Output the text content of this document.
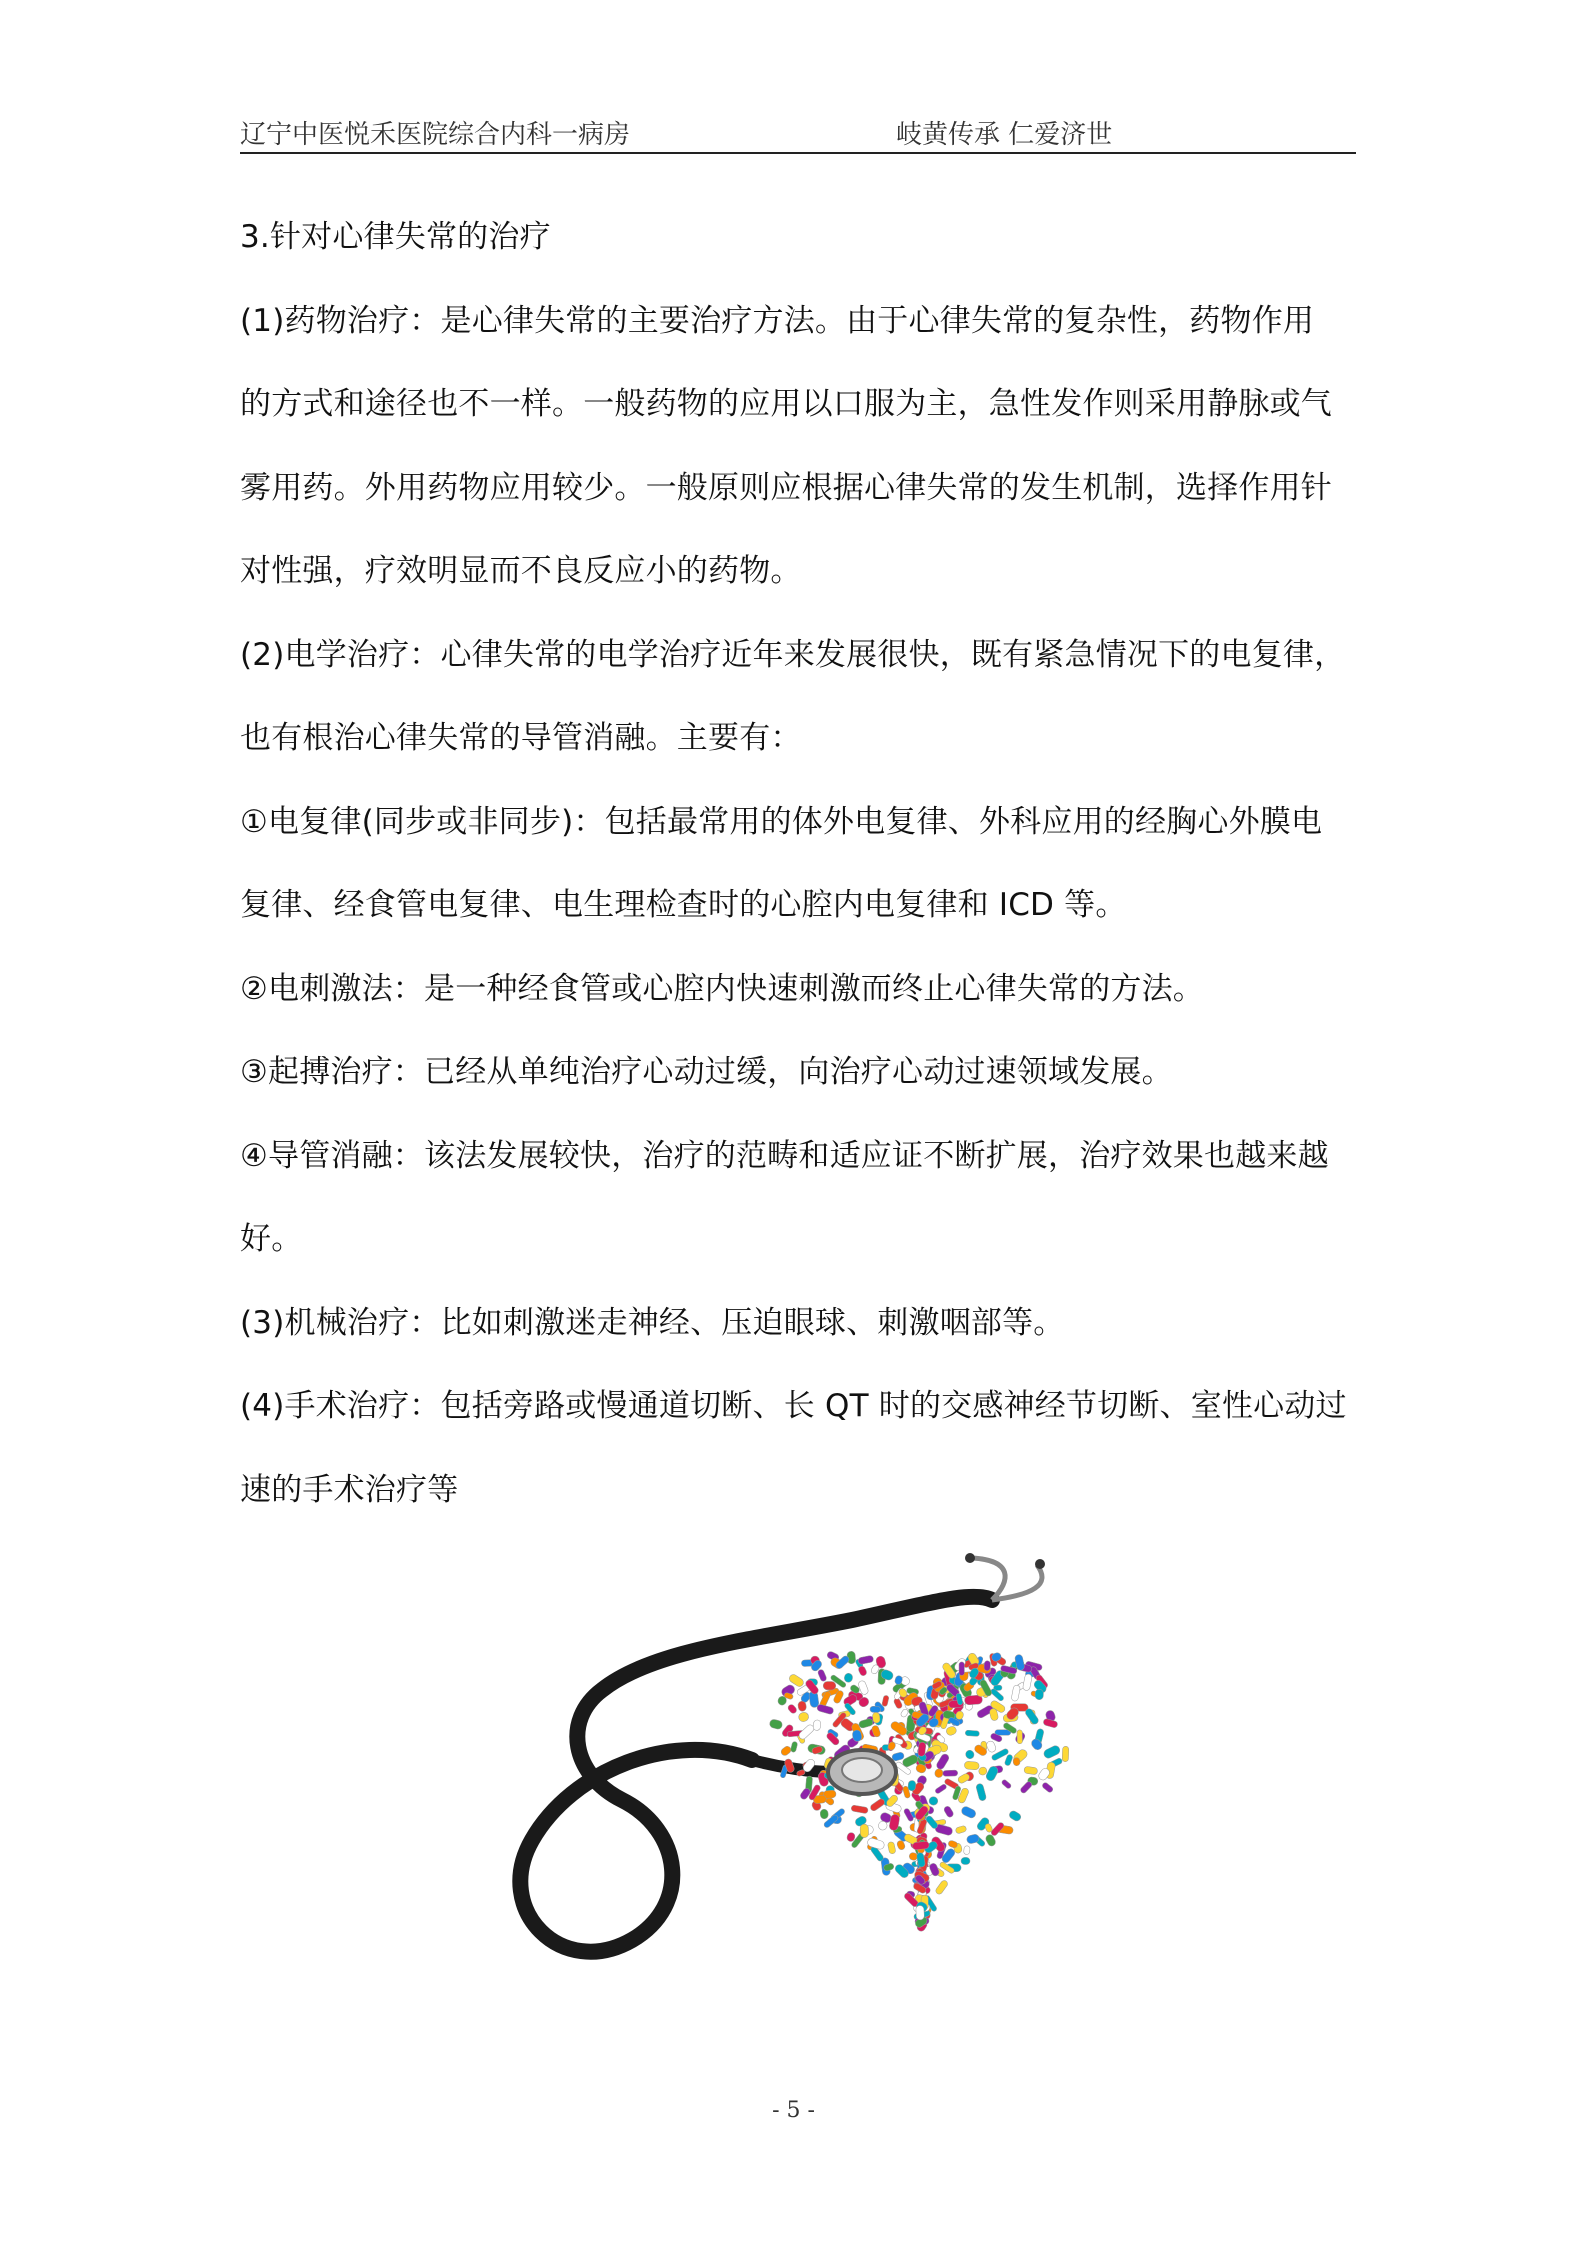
辽宁中医悦禾医院综合内科一病房	岐黄传承 仁爱济世

3.针对心律失常的治疗

(1)药物治疗：是心律失常的主要治疗方法。由于心律失常的复杂性，药物作用

的方式和途径也不一样。一般药物的应用以口服为主，急性发作则采用静脉或气

雾用药。外用药物应用较少。一般原则应根据心律失常的发生机制，选择作用针

对性强，疗效明显而不良反应小的药物。

(2)电学治疗：心律失常的电学治疗近年来发展很快，既有紧急情况下的电复律，

也有根治心律失常的导管消融。主要有：

①电复律(同步或非同步)：包括最常用的体外电复律、外科应用的经胸心外膜电

复律、经食管电复律、电生理检查时的心腔内电复律和 ICD 等。

②电刺激法：是一种经食管或心腔内快速刺激而终止心律失常的方法。

③起搏治疗：已经从单纯治疗心动过缓，向治疗心动过速领域发展。

④导管消融：该法发展较快，治疗的范畴和适应证不断扩展，治疗效果也越来越

好。

(3)机械治疗：比如刺激迷走神经、压迫眼球、刺激咽部等。

(4)手术治疗：包括旁路或慢通道切断、长 QT 时的交感神经节切断、室性心动过

速的手术治疗等

- 5 -
